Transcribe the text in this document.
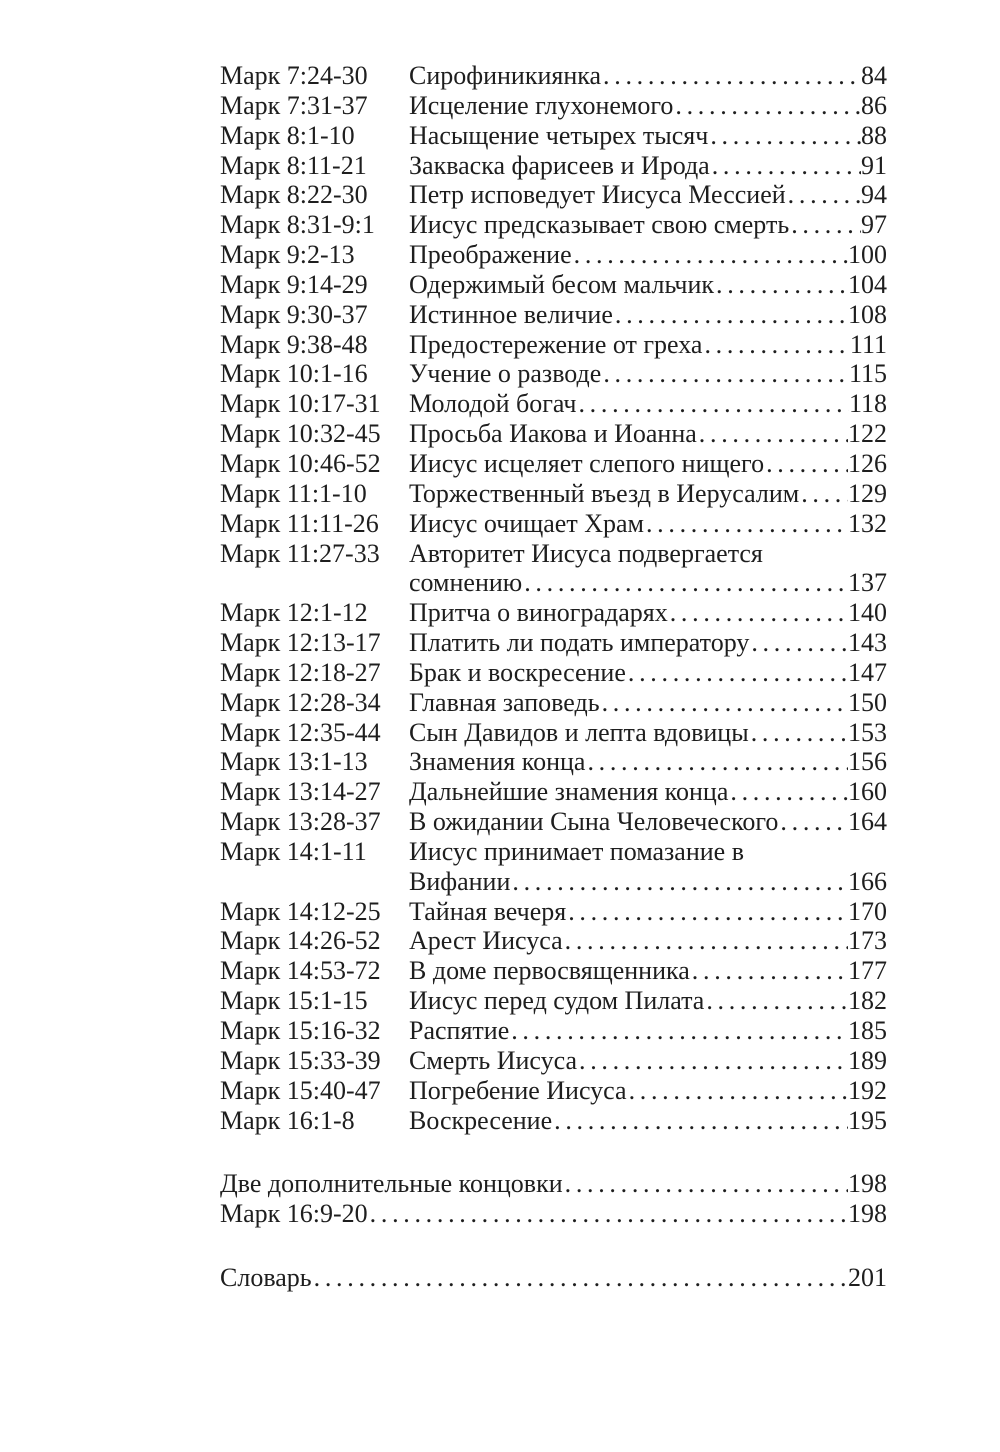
Марк 7:24-30	Сирофиникиянка . . .	84
Марк 7:31-37	Исцеление глухонемого . . .	86
Марк 8:1-10	Насыщение четырех тысяч . . .	88
Марк 8:11-21	Закваска фарисеев и Ирода . . .	91
Марк 8:22-30	Петр исповедует Иисуса Мессией . . .	94
Марк 8:31-9:1	Иисус предсказывает свою смерть . . .	97
Марк 9:2-13	Преображение . . .	100
Марк 9:14-29	Одержимый бесом мальчик . . .	104
Марк 9:30-37	Истинное величие . . .	108
Марк 9:38-48	Предостережение от греха . . .	111
Марк 10:1-16	Учение о разводе . . .	115
Марк 10:17-31	Молодой богач . . .	118
Марк 10:32-45	Просьба Иакова и Иоанна . . .	122
Марк 10:46-52	Иисус исцеляет слепого нищего . . .	126
Марк 11:1-10	Торжественный въезд в Иерусалим . . . 129
Марк 11:11-26	Иисус очищает Храм . . .	132
Марк 11:27-33	Авторитет Иисуса подвергается
сомнению . . .	137
Марк 12:1-12	Притча о виноградарях . . .	140
Марк 12:13-17	Платить ли подать императору . . .	143
Марк 12:18-27	Брак и воскресение . . .	147
Марк 12:28-34	Главная заповедь . . .	150
Марк 12:35-44	Сын Давидов и лепта вдовицы . . .	153
Марк 13:1-13	Знамения конца . . .	156
Марк 13:14-27	Дальнейшие знамения конца . . .	160
Марк 13:28-37	В ожидании Сына Человеческого . . .	164
Марк 14:1-11	Иисус принимает помазание в
Вифании . . .	166
Марк 14:12-25	Тайная вечеря . . .	170
Марк 14:26-52	Арест Иисуса . . .	173
Марк 14:53-72	В доме первосвященника . . .	177
Марк 15:1-15	Иисус перед судом Пилата . . .	182
Марк 15:16-32	Распятие . . .	185
Марк 15:33-39	Смерть Иисуса . . .	189
Марк 15:40-47	Погребение Иисуса . . .	192
Марк 16:1-8	Воскресение . . .	195
Две дополнительные концовки . . .	198
Марк 16:9-20 . . .	198
Словарь . . .	201
